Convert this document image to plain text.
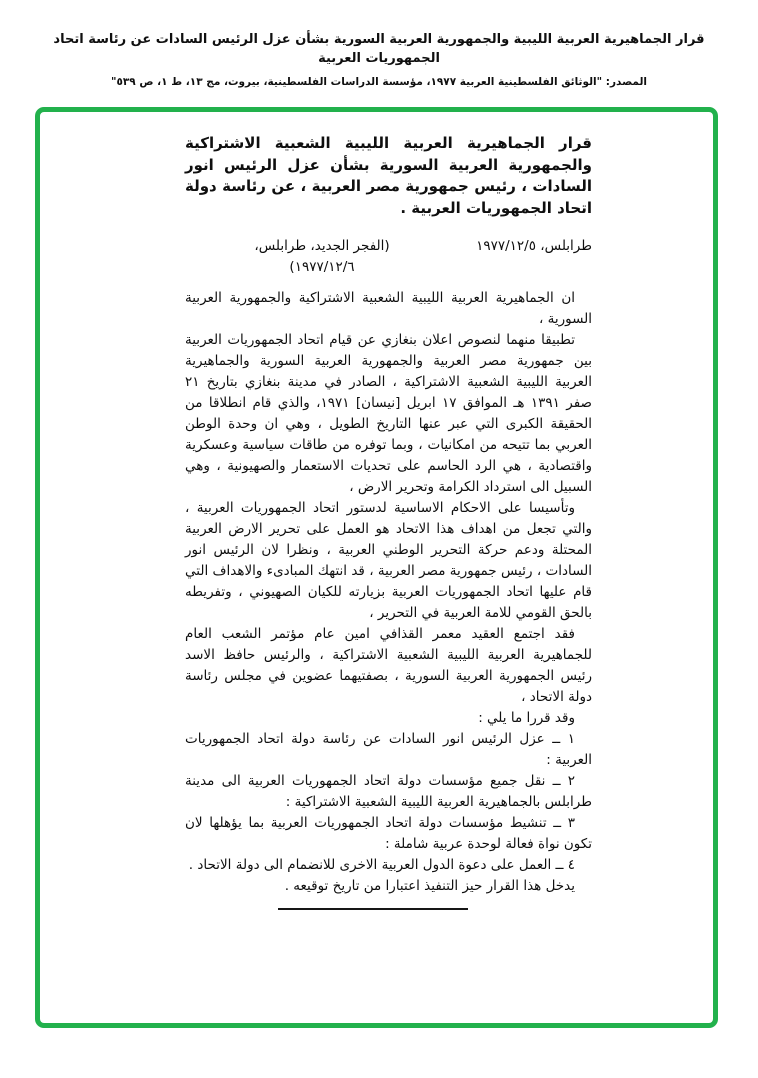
قرار الجماهيرية العربية الليبية والجمهورية العربية السورية بشأن عزل الرئيس السادات عن رئاسة اتحاد الجمهوريات العربية
المصدر: "الوثائق الفلسطينية العربية ١٩٧٧، مؤسسة الدراسات الفلسطينية، بيروت، مج ١٣، ط ١، ص ٥٣٩"
قرار الجماهيرية العربية الليبية الشعبية الاشتراكية والجمهورية العربية السورية بشأن عزل الرئيس انور السادات ، رئيس جمهورية مصر العربية ، عن رئاسة دولة اتحاد الجمهوريات العربية .
طرابلس، ١٩٧٧/١٢/٥
(الفجر الجديد، طرابلس، ١٩٧٧/١٢/٦)

ان الجماهيرية العربية الليبية الشعبية الاشتراكية والجمهورية العربية السورية ،

تطبيقا منهما لنصوص اعلان بنغازي عن قيام اتحاد الجمهوريات العربية بين جمهورية مصر العربية والجمهورية العربية السورية والجماهيرية العربية الليبية الشعبية الاشتراكية ، الصادر في مدينة بنغازي بتاريخ ٢١ صفر ١٣٩١ هـ الموافق ١٧ ابريل [نيسان] ١٩٧١، والذي قام انطلاقا من الحقيقة الكبرى التي عبر عنها التاريخ الطويل ، وهي ان وحدة الوطن العربي بما تتيحه من امكانيات ، وبما توفره من طاقات سياسية وعسكرية واقتصادية ، هي الرد الحاسم على تحديات الاستعمار والصهيونية ، وهي السبيل الى استرداد الكرامة وتحرير الارض ،

وتأسيسا على الاحكام الاساسية لدستور اتحاد الجمهوريات العربية ، والتي تجعل من اهداف هذا الاتحاد هو العمل على تحرير الارض العربية المحتلة ودعم حركة التحرير الوطني العربية ، ونظرا لان الرئيس انور السادات ، رئيس جمهورية مصر العربية ، قد انتهك المبادىء والاهداف التي قام عليها اتحاد الجمهوريات العربية بزيارته للكيان الصهيوني ، وتفريطه بالحق القومي للامة العربية في التحرير ،

فقد اجتمع العقيد معمر القذافي امين عام مؤتمر الشعب العام للجماهيرية العربية الليبية الشعبية الاشتراكية ، والرئيس حافظ الاسد رئيس الجمهورية العربية السورية ، بصفتيهما عضوين في مجلس رئاسة دولة الاتحاد ،

وقد قررا ما يلي :

١ ــ عزل الرئيس انور السادات عن رئاسة دولة اتحاد الجمهوريات العربية :

٢ ــ نقل جميع مؤسسات دولة اتحاد الجمهوريات العربية الى مدينة طرابلس بالجماهيرية العربية الليبية الشعبية الاشتراكية :

٣ ــ تنشيط مؤسسات دولة اتحاد الجمهوريات العربية بما يؤهلها لان تكون نواة فعالة لوحدة عربية شاملة :

٤ ــ العمل على دعوة الدول العربية الاخرى للانضمام الى دولة الاتحاد .

يدخل هذا القرار حيز التنفيذ اعتبارا من تاريخ توقيعه .
